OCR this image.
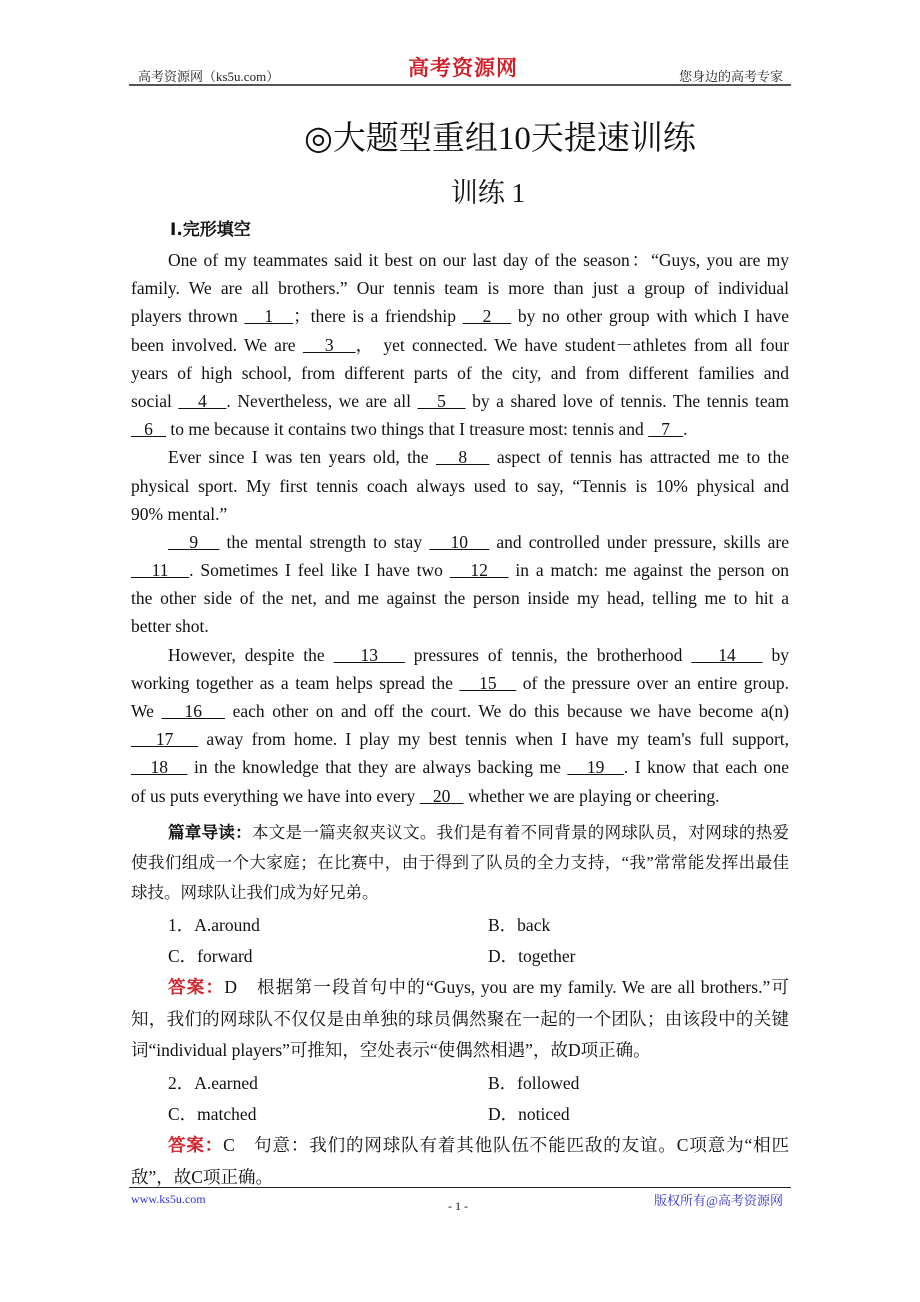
高考资源网（ks5u.com）	高考资源网	您身边的高考专家
◎大题型重组10天提速训练
训练 1
Ⅰ.完形填空
One of my teammates said it best on our last day of the season：“Guys, you are my
family. We are all brothers.” Our tennis team is more than just a group of individual
players thrown 1 ；there is a friendship 2 by no other group with which I have
been involved. We are 3 ， yet connected. We have student－athletes from all four
years of high school, from different parts of the city, and from different families and
social 4 . Nevertheless, we are all 5 by a shared love of tennis. The tennis team
6 to me because it contains two things that I treasure most: tennis and 7 .
Ever since I was ten years old, the 8 aspect of tennis has attracted me to the
physical sport. My first tennis coach always used to say, “Tennis is 10% physical and
90% mental.”
9 the mental strength to stay 10 and controlled under pressure, skills are
11 . Sometimes I feel like I have two 12 in a match: me against the person on
the other side of the net, and me against the person inside my head, telling me to hit a
better shot.
However, despite the 13 pressures of tennis, the brotherhood 14 by
working together as a team helps spread the 15 of the pressure over an entire group.
We 16 each other on and off the court. We do this because we have become a(n)
17 away from home. I play my best tennis when I have my team's full support,
18 in the knowledge that they are always backing me 19 . I know that each one
of us puts everything we have into every 20 whether we are playing or cheering.
篇章导读：本文是一篇夹叙夹议文。我们是有着不同背景的网球队员，对网球的热爱使我们组成一个大家庭；在比赛中，由于得到了队员的全力支持，“我”常常能发挥出最佳球技。网球队让我们成为好兄弟。
1．A.around	B．back
C．forward	D．together
答案：D　根据第一段首句中的“Guys, you are my family. We are all brothers.”可知，我们的网球队不仅仅是由单独的球员偶然聚在一起的一个团队；由该段中的关键词“individual players”可推知，空处表示“使偶然相遇”，故D项正确。
2．A.earned	B．followed
C．matched	D．noticed
答案：C　句意：我们的网球队有着其他队伍不能匹敌的友谊。C项意为“相匹敌”，故C项正确。
www.ks5u.com	- 1 -	版权所有@高考资源网
